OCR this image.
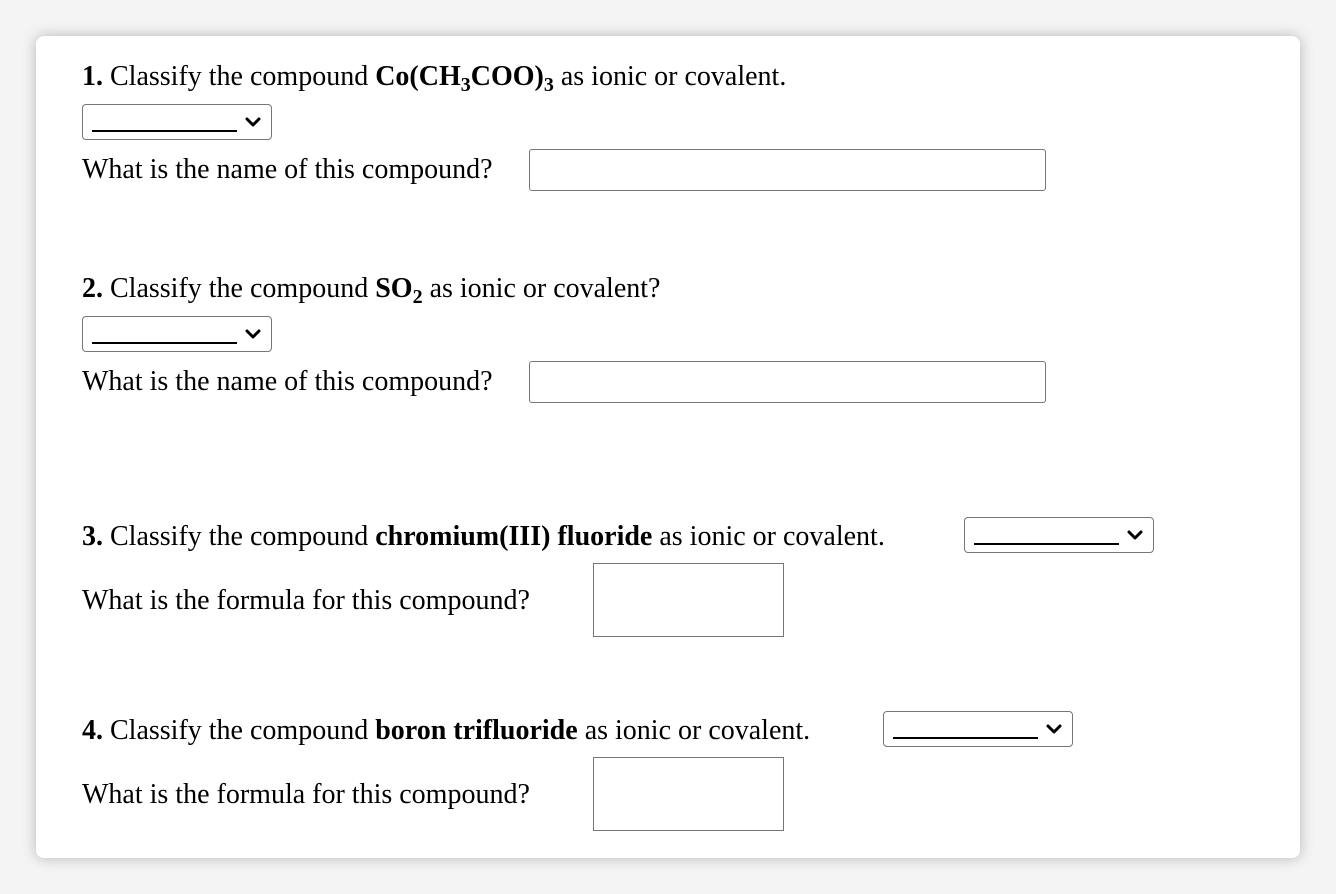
1. Classify the compound $Co(CH_3COO)_3$ as ionic or covalent.
What is the name of this compound?
2. Classify the compound $SO_2$ as ionic or covalent?
What is the name of this compound?
3. Classify the compound chromium(III) fluoride as ionic or covalent.
What is the formula for this compound?
4. Classify the compound boron trifluoride as ionic or covalent.
What is the formula for this compound?
